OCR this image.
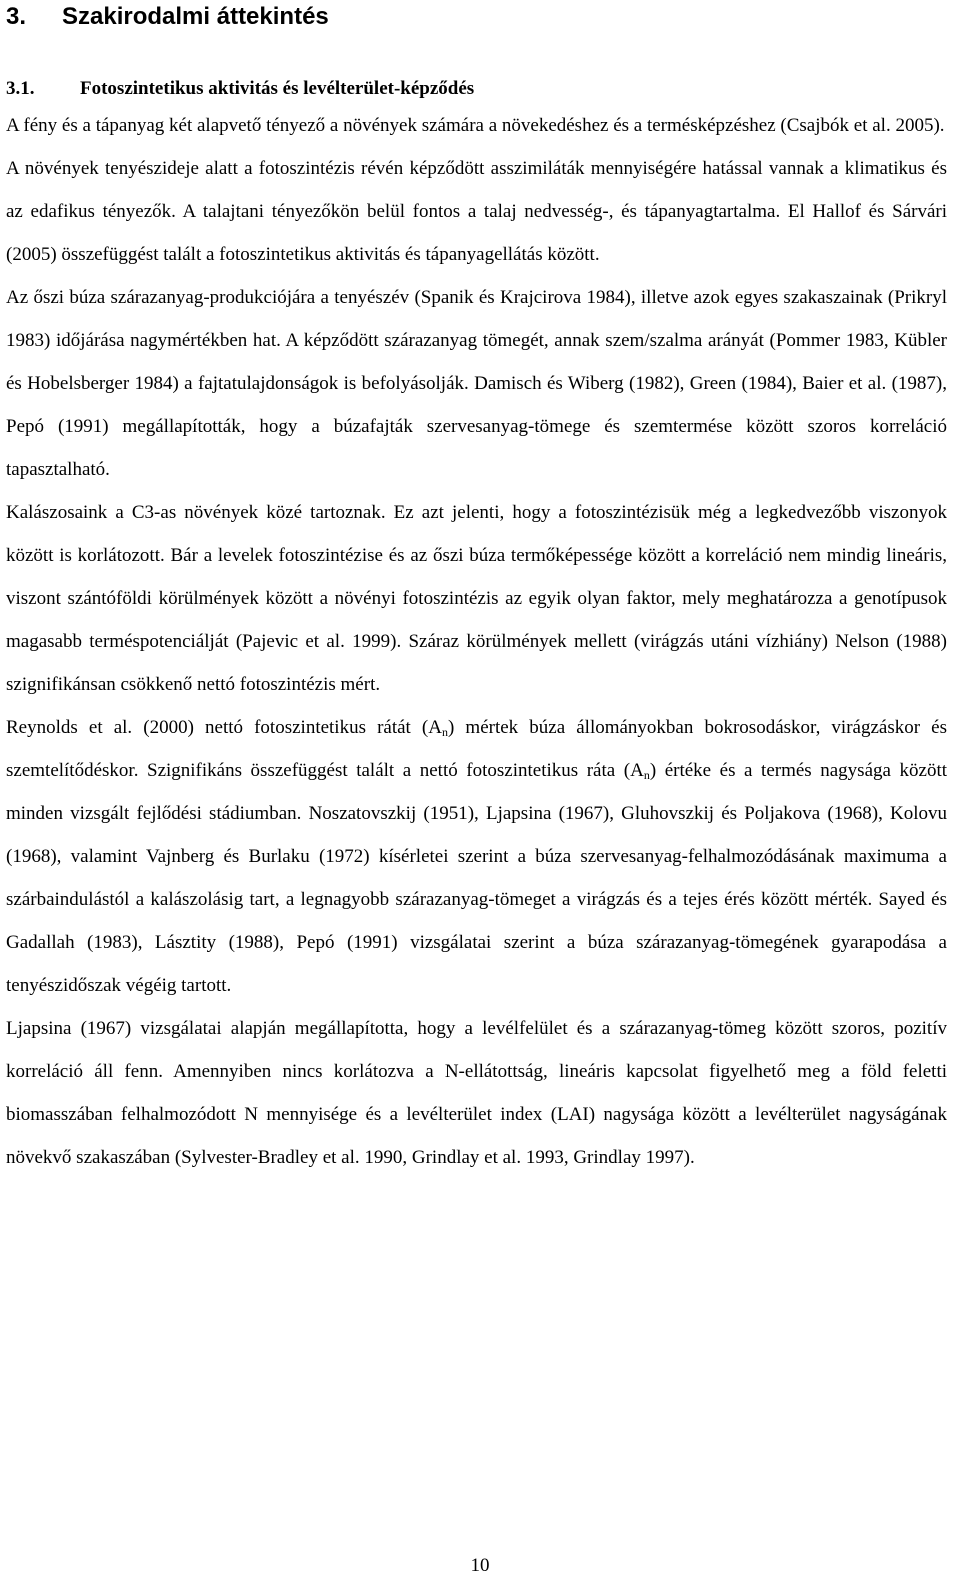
3. Szakirodalmi áttekintés
3.1. Fotoszintetikus aktivitás és levélterület-képződés

A fény és a tápanyag két alapvető tényező a növények számára a növekedéshez és a termésképzéshez (Csajbók et al. 2005).

A növények tenyészideje alatt a fotoszintézis révén képződött asszimiláták mennyiségére hatással vannak a klimatikus és az edafikus tényezők. A talajtani tényezőkön belül fontos a talaj nedvesség-, és tápanyagtartalma. El Hallof és Sárvári (2005) összefüggést talált a fotoszintetikus aktivitás és tápanyagellátás között.

Az őszi búza szárazanyag-produkciójára a tenyészév (Spanik és Krajcirova 1984), illetve azok egyes szakaszainak (Prikryl 1983) időjárása nagymértékben hat. A képződött szárazanyag tömegét, annak szem/szalma arányát (Pommer 1983, Kübler és Hobelsberger 1984) a fajtatulajdonságok is befolyásolják. Damisch és Wiberg (1982), Green (1984), Baier et al. (1987), Pepó (1991) megállapították, hogy a búzafajták szervesanyag-tömege és szemtermése között szoros korreláció tapasztalható.

Kalászosaink a C3-as növények közé tartoznak. Ez azt jelenti, hogy a fotoszintézisük még a legkedvezőbb viszonyok között is korlátozott. Bár a levelek fotoszintézise és az őszi búza termőképessége között a korreláció nem mindig lineáris, viszont szántóföldi körülmények között a növényi fotoszintézis az egyik olyan faktor, mely meghatározza a genotípusok magasabb terméspotenciálját (Pajevic et al. 1999). Száraz körülmények mellett (virágzás utáni vízhiány) Nelson (1988) szignifikánsan csökkenő nettó fotoszintézis mért.

Reynolds et al. (2000) nettó fotoszintetikus rátát $(A_n)$ mértek búza állományokban bokrosodáskor, virágzáskor és szemtelítődéskor. Szignifikáns összefüggést talált a nettó fotoszintetikus ráta $(A_n)$ értéke és a termés nagysága között minden vizsgált fejlődési stádiumban. Noszatovszkij (1951), Ljapsina (1967), Gluhovszkij és Poljakova (1968), Kolovu (1968), valamint Vajnberg és Burlaku (1972) kísérletei szerint a búza szervesanyag-felhalmozódásának maximuma a szárbaindulástól a kalászolásig tart, a legnagyobb szárazanyag-tömeget a virágzás és a tejes érés között mérték. Sayed és Gadallah (1983), Lásztity (1988), Pepó (1991) vizsgálatai szerint a búza szárazanyag-tömegének gyarapodása a tenyészidőszak végéig tartott.

Ljapsina (1967) vizsgálatai alapján megállapította, hogy a levélfelület és a szárazanyag-tömeg között szoros, pozitív korreláció áll fenn. Amennyiben nincs korlátozva a N-ellátottság, lineáris kapcsolat figyelhető meg a föld feletti biomasszában felhalmozódott N mennyisége és a levélterület index (LAI) nagysága között a levélterület nagyságának növekvő szakaszában (Sylvester-Bradley et al. 1990, Grindlay et al. 1993, Grindlay 1997).

10
